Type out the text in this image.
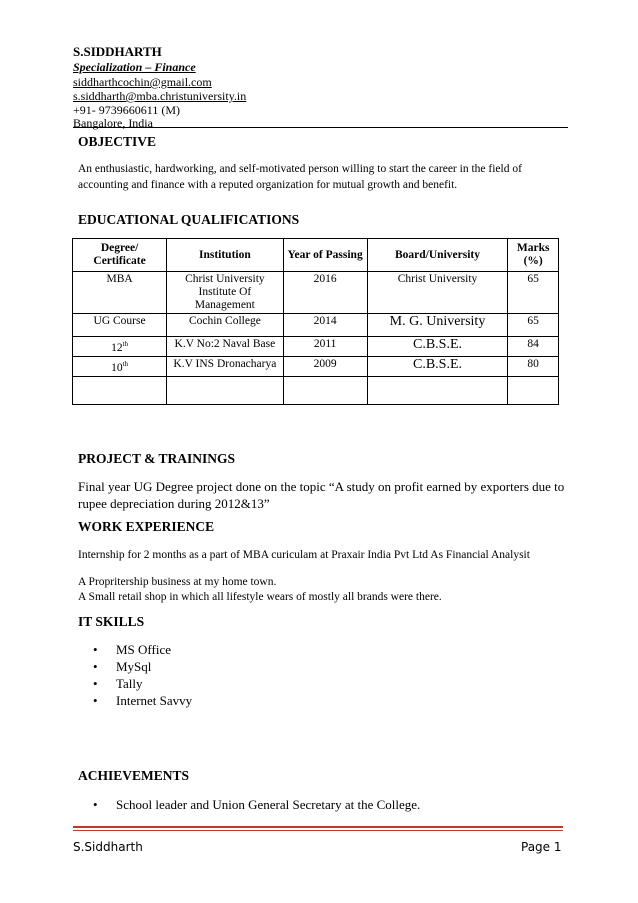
S.SIDDHARTH
Specialization – Finance
siddharthcochin@gmail.com
s.siddharth@mba.christuniversity.in
+91- 9739660611 (M)
Bangalore, India
OBJECTIVE
An enthusiastic, hardworking, and self-motivated person willing to start the career in the field of accounting and finance with a reputed organization for mutual growth and benefit.
EDUCATIONAL QUALIFICATIONS
Degree/ Certificate	Institution	Year of Passing	Board/University	Marks (%)
MBA	Christ University Institute Of Management	2016	Christ University	65
UG Course	Cochin College	2014	M. G. University	65
12th	K.V No:2 Naval Base	2011	C.B.S.E.	84
10th	K.V INS Dronacharya	2009	C.B.S.E.	80

PROJECT & TRAININGS
Final year UG Degree project done on the topic “A study on profit earned by exporters due to rupee depreciation during 2012&13”
WORK EXPERIENCE
Internship for 2 months as a part of MBA curiculam at Praxair India Pvt Ltd As Financial Analysit
A Propritership business at my home town.
A Small retail shop in which all lifestyle wears of mostly all brands were there.
IT SKILLS
• MS Office
• MySql
• Tally
• Internet Savvy
ACHIEVEMENTS
• School leader and Union General Secretary at the College.
S.Siddharth	Page 1
